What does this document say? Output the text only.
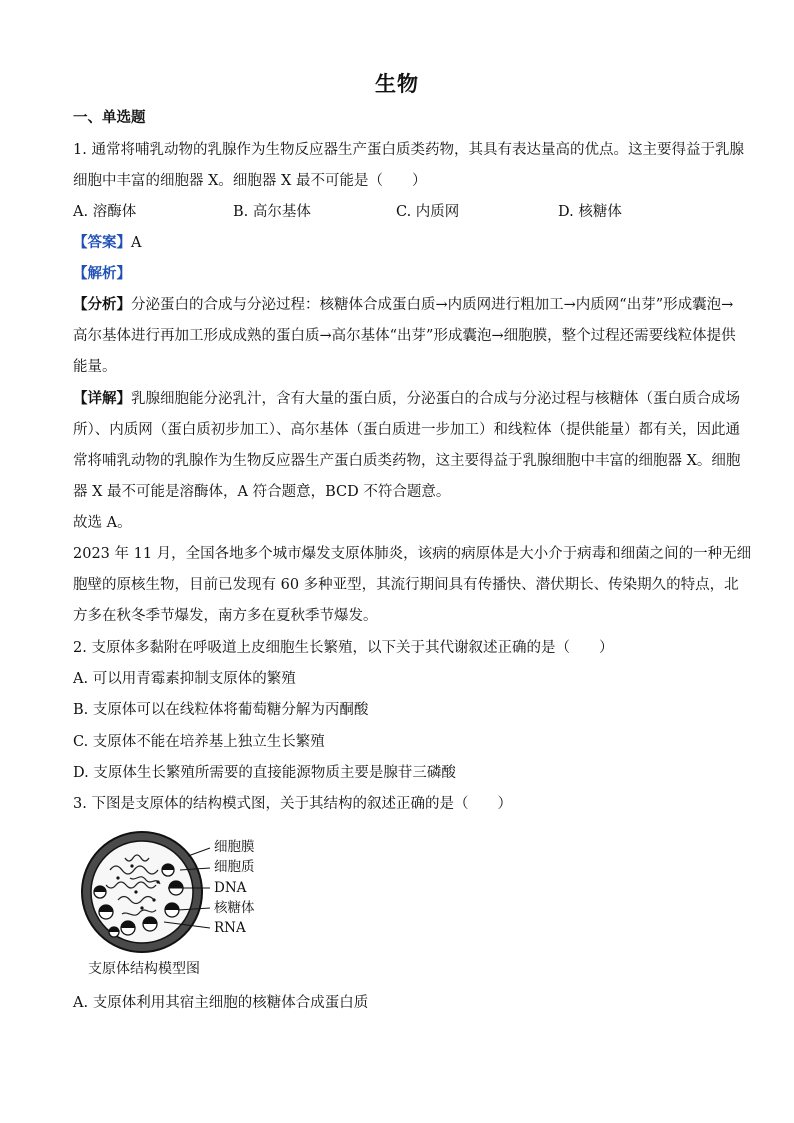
生物
一、单选题
1. 通常将哺乳动物的乳腺作为生物反应器生产蛋白质类药物，其具有表达量高的优点。这主要得益于乳腺
细胞中丰富的细胞器 X。细胞器 X 最不可能是（　　）
A. 溶酶体	B. 高尔基体	C. 内质网	D. 核糖体
【答案】A
【解析】
【分析】分泌蛋白的合成与分泌过程：核糖体合成蛋白质→内质网进行粗加工→内质网“出芽”形成囊泡→
高尔基体进行再加工形成成熟的蛋白质→高尔基体“出芽”形成囊泡→细胞膜，整个过程还需要线粒体提供
能量。
【详解】乳腺细胞能分泌乳汁，含有大量的蛋白质，分泌蛋白的合成与分泌过程与核糖体（蛋白质合成场
所）、内质网（蛋白质初步加工）、高尔基体（蛋白质进一步加工）和线粒体（提供能量）都有关，因此通
常将哺乳动物的乳腺作为生物反应器生产蛋白质类药物，这主要得益于乳腺细胞中丰富的细胞器 X。细胞
器 X 最不可能是溶酶体，A 符合题意，BCD 不符合题意。
故选 A。
2023 年 11 月，全国各地多个城市爆发支原体肺炎，该病的病原体是大小介于病毒和细菌之间的一种无细
胞壁的原核生物，目前已发现有 60 多种亚型，其流行期间具有传播快、潜伏期长、传染期久的特点，北
方多在秋冬季节爆发，南方多在夏秋季节爆发。
2. 支原体多黏附在呼吸道上皮细胞生长繁殖，以下关于其代谢叙述正确的是（　　）
A. 可以用青霉素抑制支原体的繁殖
B. 支原体可以在线粒体将葡萄糖分解为丙酮酸
C. 支原体不能在培养基上独立生长繁殖
D. 支原体生长繁殖所需要的直接能源物质主要是腺苷三磷酸
3. 下图是支原体的结构模式图，关于其结构的叙述正确的是（　　）
细胞膜
细胞质
DNA
核糖体
RNA
支原体结构模型图
A. 支原体利用其宿主细胞的核糖体合成蛋白质
